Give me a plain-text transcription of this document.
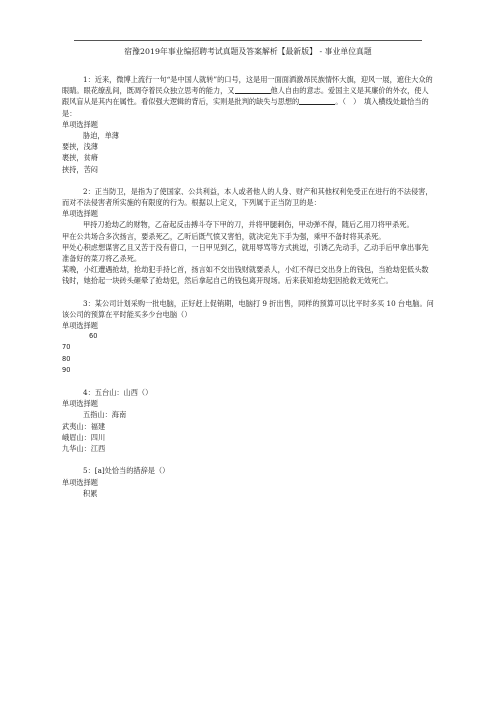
宿豫2019年事业编招聘考试真题及答案解析【最新版】 - 事业单位真题

1：近来，微博上流行一句“是中国人就转”的口号，这是用一面面洒激昂民族情怀大旗，迎风一展，遮住大众的眼睛。眼花缭乱间，既凋夺着民众独立思考的能力，又	他人自由的意志。爱国主义是其廉价的外衣，使人跟风盲从是其内在属性。看似强大逻辑的背后，实则是批判的缺失与思想的	。（　）　填入横线处最恰当的是：

单项选择题

胁迫，单薄

要挟，浅薄

裹挟，贫瘠

挟持，苦闷

2：正当防卫，是指为了使国家、公共利益，本人或者他人的人身、财产和其他权利免受正在进行的不法侵害，而对不法侵害者所实施的有限度的行为。根据以上定义，下列属于正当防卫的是：

单项选择题

甲持刀抢劫乙的财物，乙奋起反击搏斗夺下甲的刀，并将甲腿刺伤，甲动弹不得，随后乙用刀将甲杀死。

甲在公共场合多次扬言，要杀死乙，乙听后既气愤又害怕，就决定先下手为强，乘甲不备时将其杀死。

甲处心积虑想谋害乙且又苦于没有借口，一日甲见到乙，就用辱骂等方式挑逗，引诱乙先动手，乙动手后甲拿出事先准备好的菜刀将乙杀死。

某晚，小红遭遇抢劫，抢劫犯手持匕首，扬言如不交出钱财就要杀人，小红不得已交出身上的钱包，当抢劫犯低头数钱时，她拾起一块砖头砸晕了抢劫犯，然后拿起自己的钱包离开现场。后来获知抢劫犯因抢救无效死亡。

3：某公司计划采购一批电脑，正好赶上促销期，电脑打 9 折出售，同样的预算可以比平时多买 10 台电脑。问该公司的预算在平时能买多少台电脑（）

单项选择题

60

70

80

90

4：五台山：山西（）

单项选择题

五指山：海南

武夷山：福建

峨眉山：四川

九华山：江西

5：[a]处恰当的措辞是（）

单项选择题

积累
